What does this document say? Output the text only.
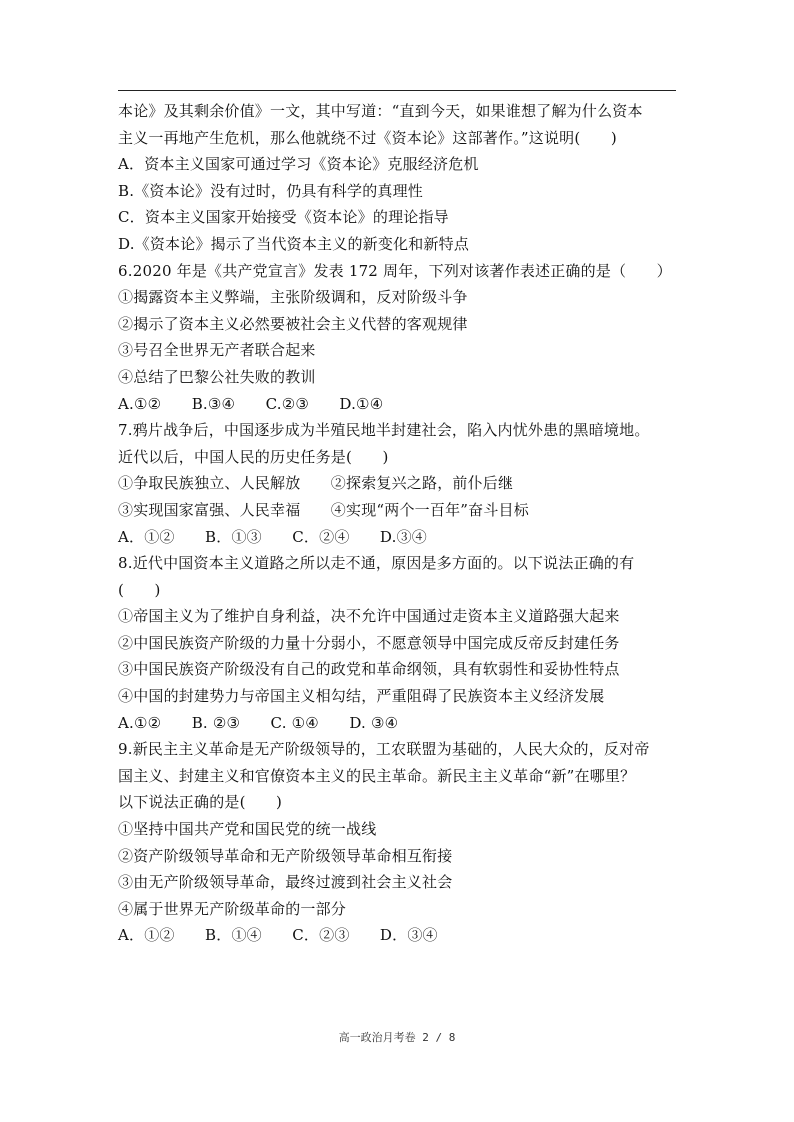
本论》及其剩余价值》一文，其中写道：“直到今天，如果谁想了解为什么资本
主义一再地产生危机，那么他就绕不过《资本论》这部著作。”这说明(　　)
A．资本主义国家可通过学习《资本论》克服经济危机
B.《资本论》没有过时，仍具有科学的真理性
C．资本主义国家开始接受《资本论》的理论指导
D.《资本论》揭示了当代资本主义的新变化和新特点
6.2020 年是《共产党宣言》发表 172 周年，下列对该著作表述正确的是（　　）
①揭露资本主义弊端，主张阶级调和，反对阶级斗争
②揭示了资本主义必然要被社会主义代替的客观规律
③号召全世界无产者联合起来
④总结了巴黎公社失败的教训
A.①②　　B.③④　　C.②③　　D.①④
7.鸦片战争后，中国逐步成为半殖民地半封建社会，陷入内忧外患的黑暗境地。
近代以后，中国人民的历史任务是(　　)
①争取民族独立、人民解放　　②探索复兴之路，前仆后继
③实现国家富强、人民幸福　　④实现“两个一百年”奋斗目标
A．①②　　B．①③　　C．②④　　D.③④
8.近代中国资本主义道路之所以走不通，原因是多方面的。以下说法正确的有
(　　)
①帝国主义为了维护自身利益，决不允许中国通过走资本主义道路强大起来
②中国民族资产阶级的力量十分弱小，不愿意领导中国完成反帝反封建任务
③中国民族资产阶级没有自己的政党和革命纲领，具有软弱性和妥协性特点
④中国的封建势力与帝国主义相勾结，严重阻碍了民族资本主义经济发展
A.①②　　B. ②③　　C. ①④　　D. ③④
9.新民主主义革命是无产阶级领导的，工农联盟为基础的，人民大众的，反对帝
国主义、封建主义和官僚资本主义的民主革命。新民主主义革命“新”在哪里？
以下说法正确的是(　　)
①坚持中国共产党和国民党的统一战线
②资产阶级领导革命和无产阶级领导革命相互衔接
③由无产阶级领导革命，最终过渡到社会主义社会
④属于世界无产阶级革命的一部分
A．①②　　B．①④　　C．②③　　D．③④
高一政治月考卷 2 / 8
